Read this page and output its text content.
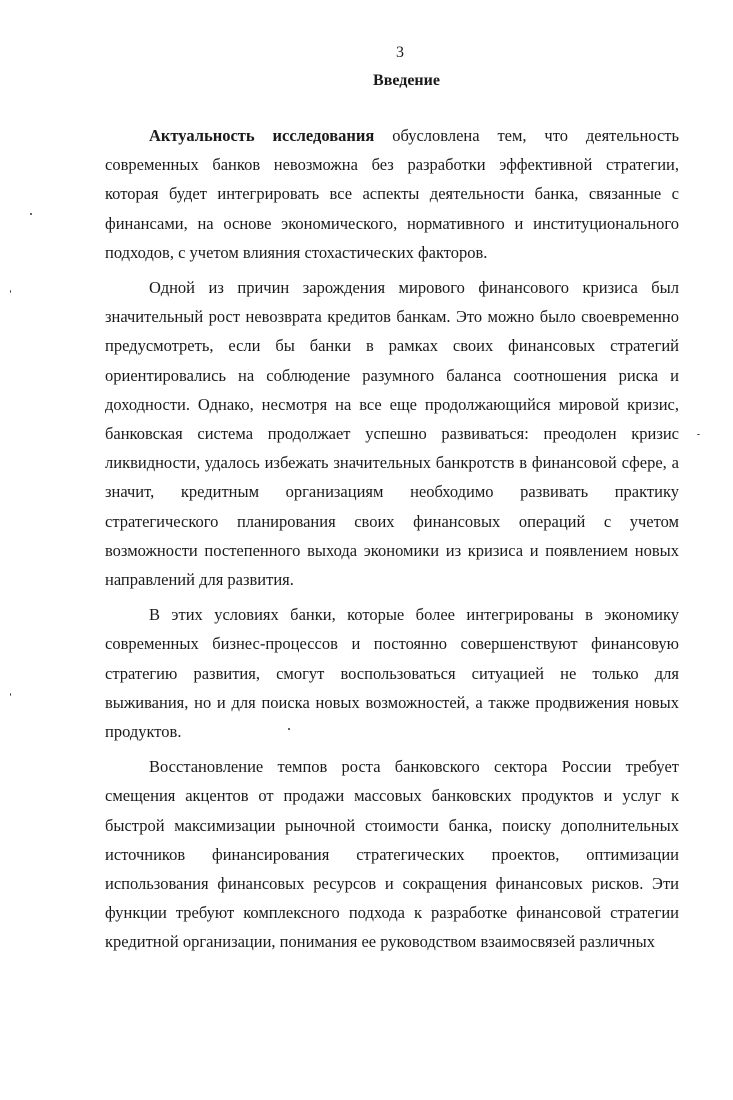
3
Введение

Актуальность исследования обусловлена тем, что деятельность современных банков невозможна без разработки эффективной стратегии, которая будет интегрировать все аспекты деятельности банка, связанные с финансами, на основе экономического, нормативного и институционального подходов, с учетом влияния стохастических факторов.

Одной из причин зарождения мирового финансового кризиса был значительный рост невозврата кредитов банкам. Это можно было своевременно предусмотреть, если бы банки в рамках своих финансовых стратегий ориентировались на соблюдение разумного баланса соотношения риска и доходности. Однако, несмотря на все еще продолжающийся мировой кризис, банковская система продолжает успешно развиваться: преодолен кризис ликвидности, удалось избежать значительных банкротств в финансовой сфере, а значит, кредитным организациям необходимо развивать практику стратегического планирования своих финансовых операций с учетом возможности постепенного выхода экономики из кризиса и появлением новых направлений для развития.

В этих условиях банки, которые более интегрированы в экономику современных бизнес-процессов и постоянно совершенствуют финансовую стратегию развития, смогут воспользоваться ситуацией не только для выживания, но и для поиска новых возможностей, а также продвижения новых продуктов.

Восстановление темпов роста банковского сектора России требует смещения акцентов от продажи массовых банковских продуктов и услуг к быстрой максимизации рыночной стоимости банка, поиску дополнительных источников финансирования стратегических проектов, оптимизации использования финансовых ресурсов и сокращения финансовых рисков. Эти функции требуют комплексного подхода к разработке финансовой стратегии кредитной организации, понимания ее руководством взаимосвязей различных
